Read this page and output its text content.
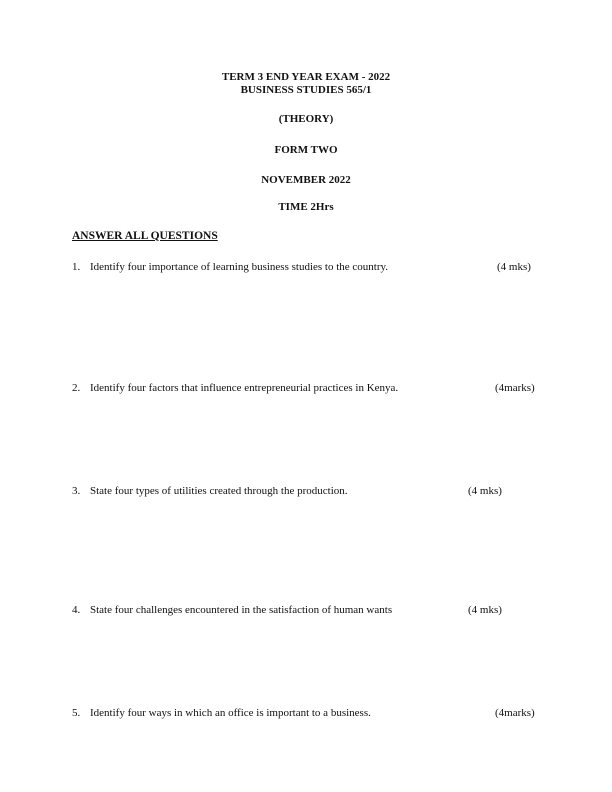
TERM 3 END YEAR EXAM - 2022
BUSINESS STUDIES 565/1
(THEORY)
FORM TWO
NOVEMBER 2022
TIME 2Hrs
ANSWER ALL QUESTIONS
1. Identify four importance of learning business studies to the country.	(4 mks)
2. Identify four factors that influence entrepreneurial practices in Kenya.	(4marks)
3. State four types of utilities created through the production.	(4 mks)
4. State four challenges encountered in the satisfaction of human wants	(4 mks)
5. Identify four ways in which an office is important to a business.	(4marks)
